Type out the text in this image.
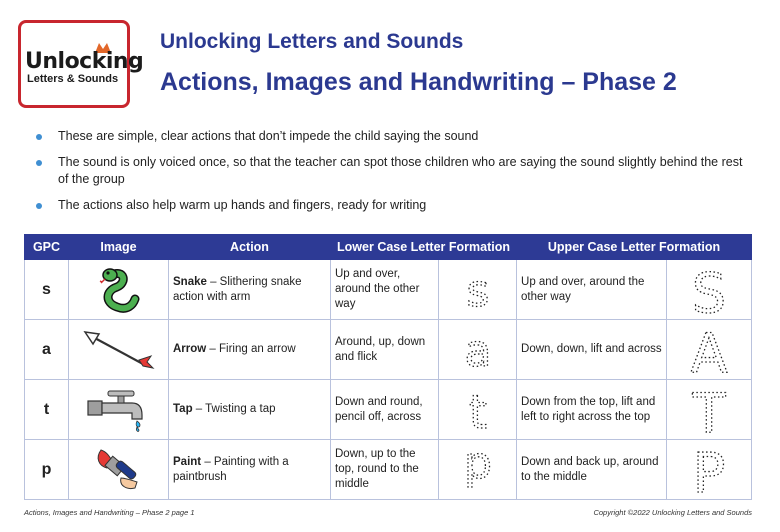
Unlocking
Letters & Sounds
Unlocking Letters and Sounds
Actions, Images and Handwriting – Phase 2
These are simple, clear actions that don’t impede the child saying the sound
The sound is only voiced once, so that the teacher can spot those children who are saying the sound slightly behind the rest of the group
The actions also help warm up hands and fingers, ready for writing
GPC	Image	Action	Lower Case Letter Formation		Upper Case Letter Formation	
s		Snake – Slithering snake action with arm	Up and over, around the other way	s	Up and over, around the other way	S

a		Arrow – Firing an arrow	Around, up, down and flick	a	Down, down, lift and across	A

t		Tap – Twisting a tap	Down and round, pencil off, across	t	Down from the top, lift and left to right across the top	T

p		Paint – Painting with a paintbrush	Down, up to the top, round to the middle	p	Down and back up, around to the middle	P
Actions, Images and Handwriting – Phase 2 page 1	Copyright ©2022 Unlocking Letters and Sounds
